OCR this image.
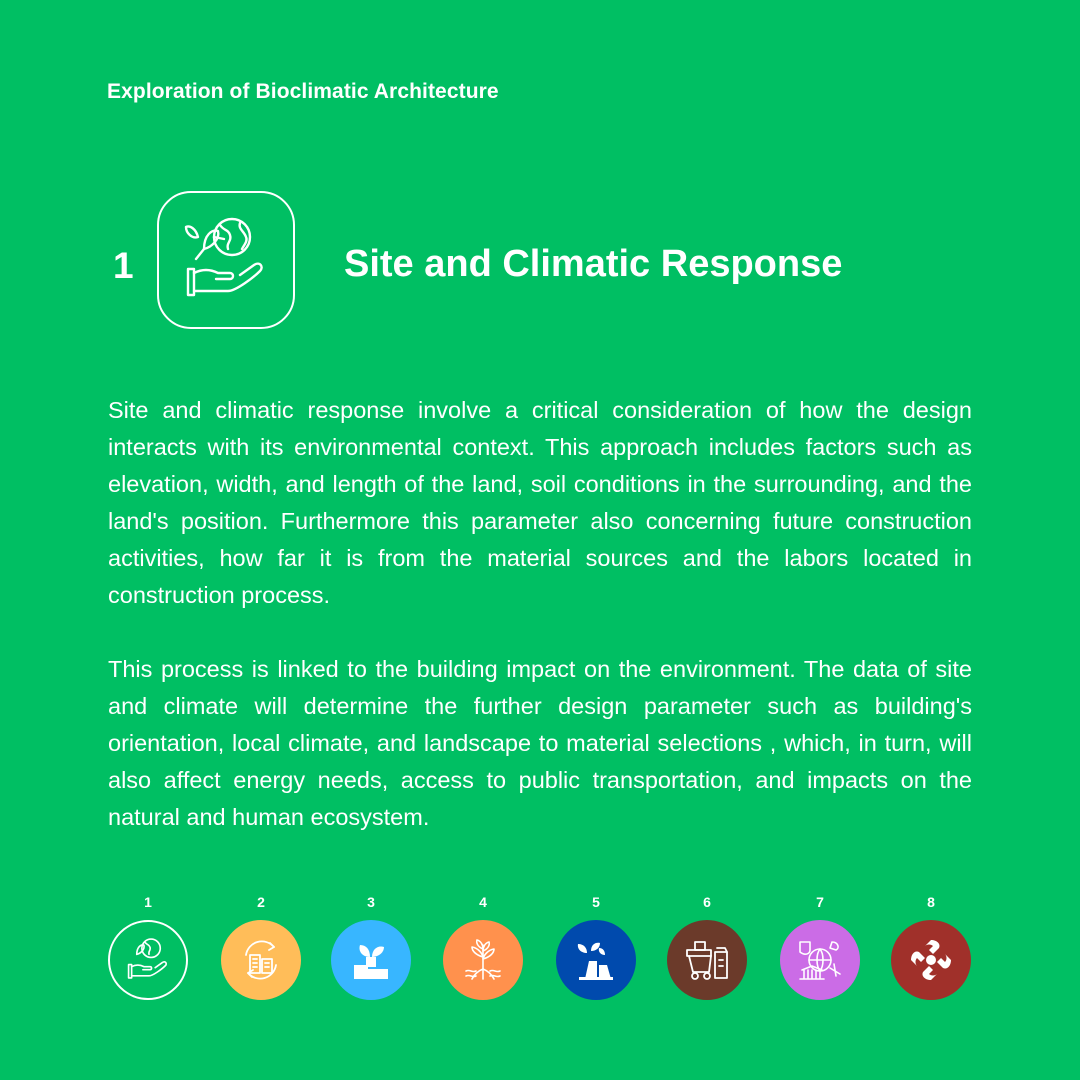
Exploration of Bioclimatic Architecture
1	Site and Climatic Response

Site and climatic response involve a critical consideration of how the design interacts with its environmental context. This approach includes factors such as elevation, width, and length of the land, soil conditions in the surrounding, and the land's position. Furthermore this parameter also concerning future construction activities, how far it is from the material sources and the labors located in construction process.

This process is linked to the building impact on the environment. The data of site and climate will determine the further design parameter such as building's orientation, local climate, and landscape to material selections , which, in turn, will also affect energy needs, access to public transportation, and impacts on the natural and human ecosystem.

1	2	3	4	5	6	7	8
